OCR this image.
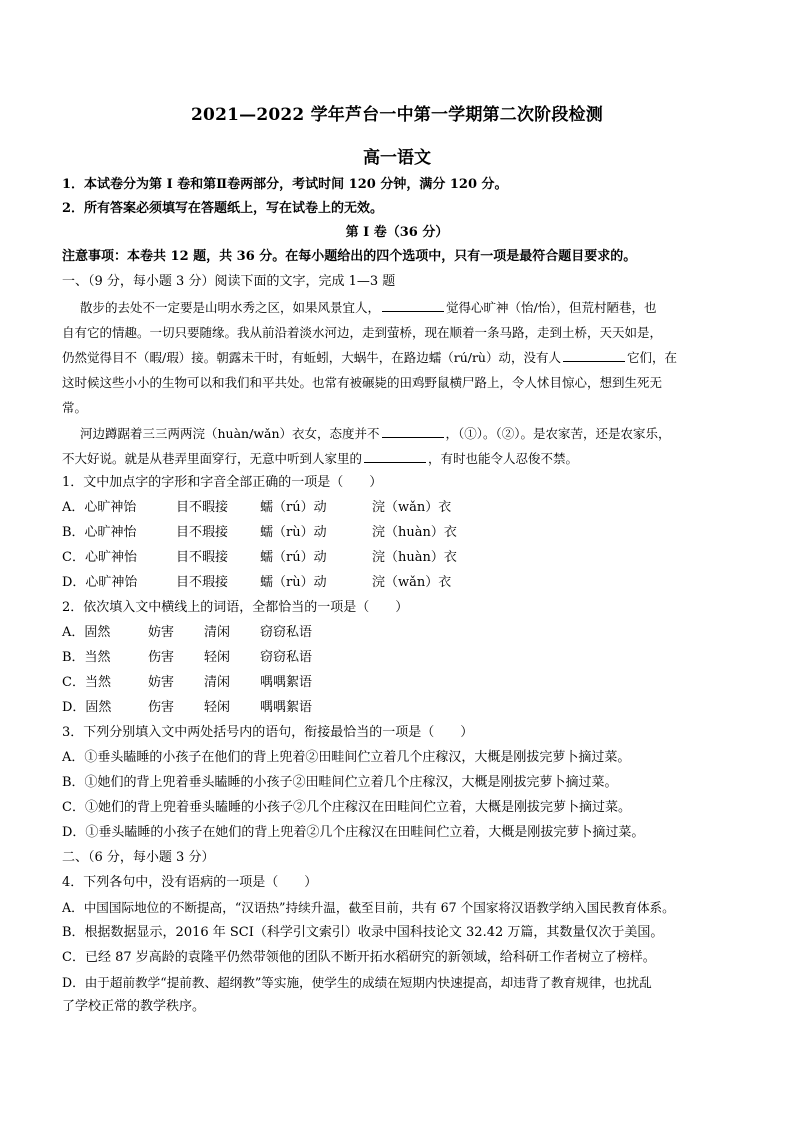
2021—2022 学年芦台一中第一学期第二次阶段检测
高一语文
1．本试卷分为第 I 卷和第Ⅱ卷两部分，考试时间 120 分钟，满分 120 分。
2．所有答案必须填写在答题纸上，写在试卷上的无效。
第 I 卷（36 分）
注意事项：本卷共 12 题，共 36 分。在每小题给出的四个选项中，只有一项是最符合题目要求的。
一、（9 分，每小题 3 分）阅读下面的文字，完成 1—3 题
散步的去处不一定要是山明水秀之区，如果风景宜人，	觉得心旷神（怡/怡），但荒村陋巷，也
自有它的情趣。一切只要随缘。我从前沿着淡水河边，走到萤桥，现在顺着一条马路，走到土桥，天天如是，
仍然觉得目不（暇/瑕）接。朝露未干时，有蚯蚓，大蜗牛，在路边蠕（rú/rù）动，没有人	它们，在
这时候这些小小的生物可以和我们和平共处。也常有被碾毙的田鸡野鼠横尸路上，令人怵目惊心，想到生死无
常。
河边蹲踞着三三两两浣（huàn/wǎn）衣女，态度并不	，（①）。（②）。是农家苦，还是农家乐，
不大好说。就是从巷弄里面穿行，无意中听到人家里的	，有时也能令人忍俊不禁。
1．文中加点字的字形和字音全部正确的一项是（　　）
A．心旷神饴	目不暇接 蠕（rú）动	浣（wǎn）衣
B．心旷神怡	目不瑕接 蠕（rù）动	浣（huàn）衣
C．心旷神怡	目不暇接 蠕（rú）动	浣（huàn）衣
D．心旷神饴	目不瑕接 蠕（rù）动	浣（wǎn）衣
2．依次填入文中横线上的词语，全都恰当的一项是（　　）
A．固然	妨害 清闲 窃窃私语
B．当然	伤害 轻闲 窃窃私语
C．当然	妨害 清闲 喁喁絮语
D．固然	伤害 轻闲 喁喁絮语
3．下列分别填入文中两处括号内的语句，衔接最恰当的一项是（　　）
A．①垂头瞌睡的小孩子在他们的背上兜着②田畦间伫立着几个庄稼汉，大概是刚拔完萝卜摘过菜。
B．①她们的背上兜着垂头瞌睡的小孩子②田畦间伫立着几个庄稼汉，大概是刚拔完萝卜摘过菜。
C．①她们的背上兜着垂头瞌睡的小孩子②几个庄稼汉在田畦间伫立着，大概是刚拔完萝卜摘过菜。
D．①垂头瞌睡的小孩子在她们的背上兜着②几个庄稼汉在田畦间伫立着，大概是刚拔完萝卜摘过菜。
二、（6 分，每小题 3 分）
4．下列各句中，没有语病的一项是（　　）
A．中国国际地位的不断提高，“汉语热”持续升温，截至目前，共有 67 个国家将汉语教学纳入国民教育体系。
B．根据数据显示，2016 年 SCI（科学引文索引）收录中国科技论文 32.42 万篇，其数量仅次于美国。
C．已经 87 岁高龄的袁隆平仍然带领他的团队不断开拓水稻研究的新领域，给科研工作者树立了榜样。
D．由于超前教学“提前教、超纲教”等实施，使学生的成绩在短期内快速提高，却违背了教育规律，也扰乱
了学校正常的教学秩序。
